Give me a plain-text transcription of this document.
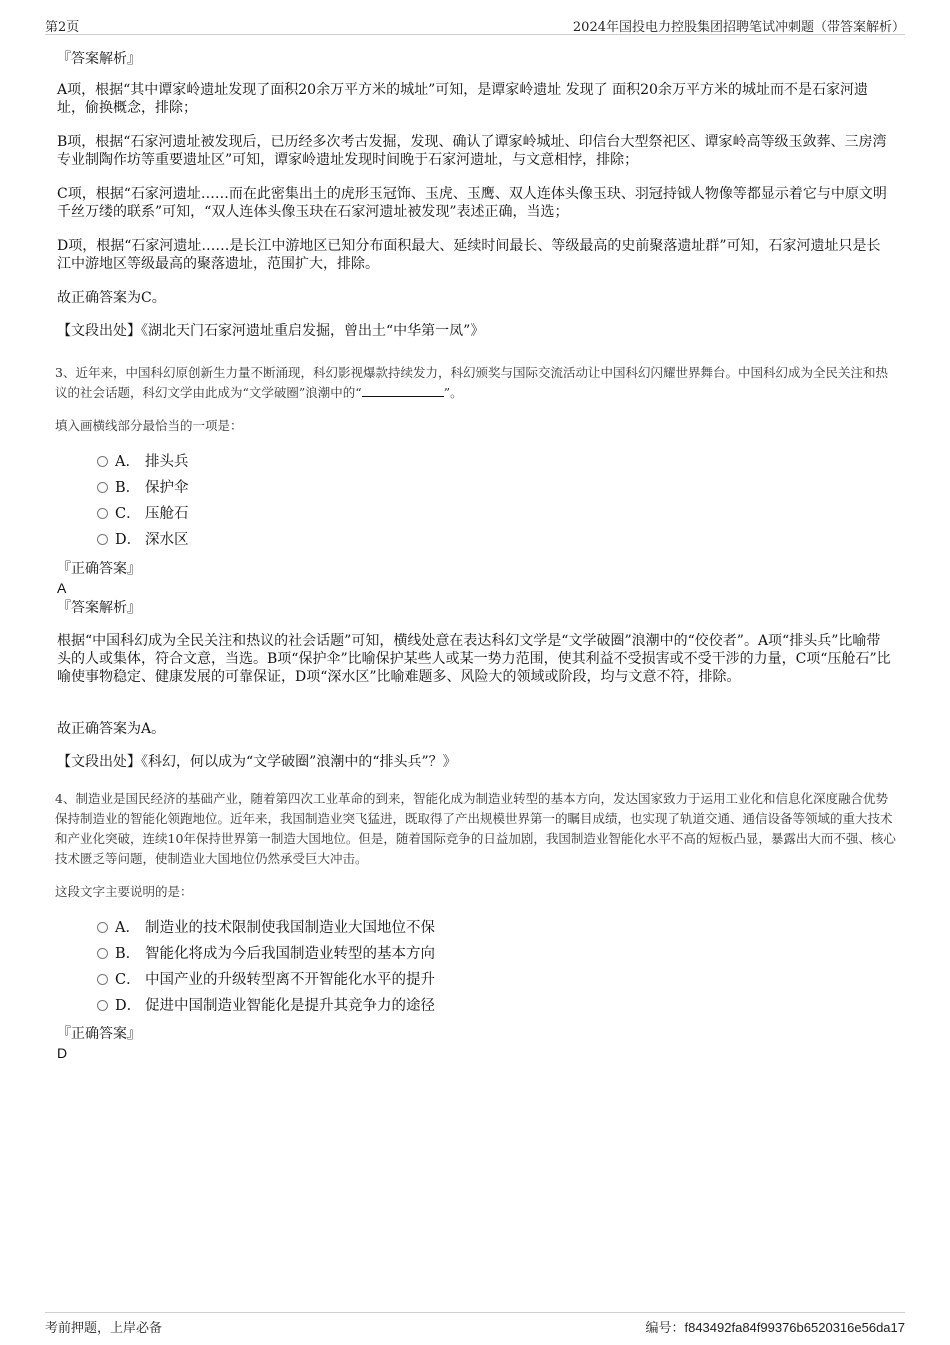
第2页	2024年国投电力控股集团招聘笔试冲刺题（带答案解析）
『答案解析』

A项，根据“其中谭家岭遗址发现了面积20余万平方米的城址”可知，是谭家岭遗址 发现了 面积20余万平方米的城址而不是石家河遗址，偷换概念，排除；

B项，根据“石家河遗址被发现后，已历经多次考古发掘，发现、确认了谭家岭城址、印信台大型祭祀区、谭家岭高等级玉敛葬、三房湾专业制陶作坊等重要遗址区”可知，谭家岭遗址发现时间晚于石家河遗址，与文意相悖，排除；

C项，根据“石家河遗址……而在此密集出土的虎形玉冠饰、玉虎、玉鹰、双人连体头像玉玦、羽冠持钺人物像等都显示着它与中原文明千丝万缕的联系”可知，“双人连体头像玉玦在石家河遗址被发现”表述正确，当选；

D项，根据“石家河遗址……是长江中游地区已知分布面积最大、延续时间最长、等级最高的史前聚落遗址群”可知，石家河遗址只是长江中游地区等级最高的聚落遗址，范围扩大，排除。

故正确答案为C。
【文段出处】《湖北天门石家河遗址重启发掘，曾出土“中华第一凤”》

3、近年来，中国科幻原创新生力量不断涌现，科幻影视爆款持续发力，科幻颁奖与国际交流活动让中国科幻闪耀世界舞台。中国科幻成为全民关注和热议的社会话题，科幻文学由此成为“文学破圈”浪潮中的“	”。

填入画横线部分最恰当的一项是：
A． 排头兵
B． 保护伞
C． 压舱石
D． 深水区
『正确答案』
A
『答案解析』

根据“中国科幻成为全民关注和热议的社会话题”可知，横线处意在表达科幻文学是“文学破圈”浪潮中的“佼佼者”。A项“排头兵”比喻带头的人或集体，符合文意，当选。B项“保护伞”比喻保护某些人或某一势力范围，使其利益不受损害或不受干涉的力量，C项“压舱石”比喻使事物稳定、健康发展的可靠保证，D项“深水区”比喻难题多、风险大的领域或阶段，均与文意不符，排除。

故正确答案为A。
【文段出处】《科幻，何以成为“文学破圈”浪潮中的“排头兵”？》

4、制造业是国民经济的基础产业，随着第四次工业革命的到来，智能化成为制造业转型的基本方向，发达国家致力于运用工业化和信息化深度融合优势保持制造业的智能化领跑地位。近年来，我国制造业突飞猛进，既取得了产出规模世界第一的瞩目成绩，也实现了轨道交通、通信设备等领域的重大技术和产业化突破，连续10年保持世界第一制造大国地位。但是，随着国际竞争的日益加剧，我国制造业智能化水平不高的短板凸显，暴露出大而不强、核心技术匮乏等问题，使制造业大国地位仍然承受巨大冲击。

这段文字主要说明的是：
A． 制造业的技术限制使我国制造业大国地位不保
B． 智能化将成为今后我国制造业转型的基本方向
C． 中国产业的升级转型离不开智能化水平的提升
D． 促进中国制造业智能化是提升其竞争力的途径
『正确答案』
D
考前押题，上岸必备	编号：f843492fa84f99376b6520316e56da17
